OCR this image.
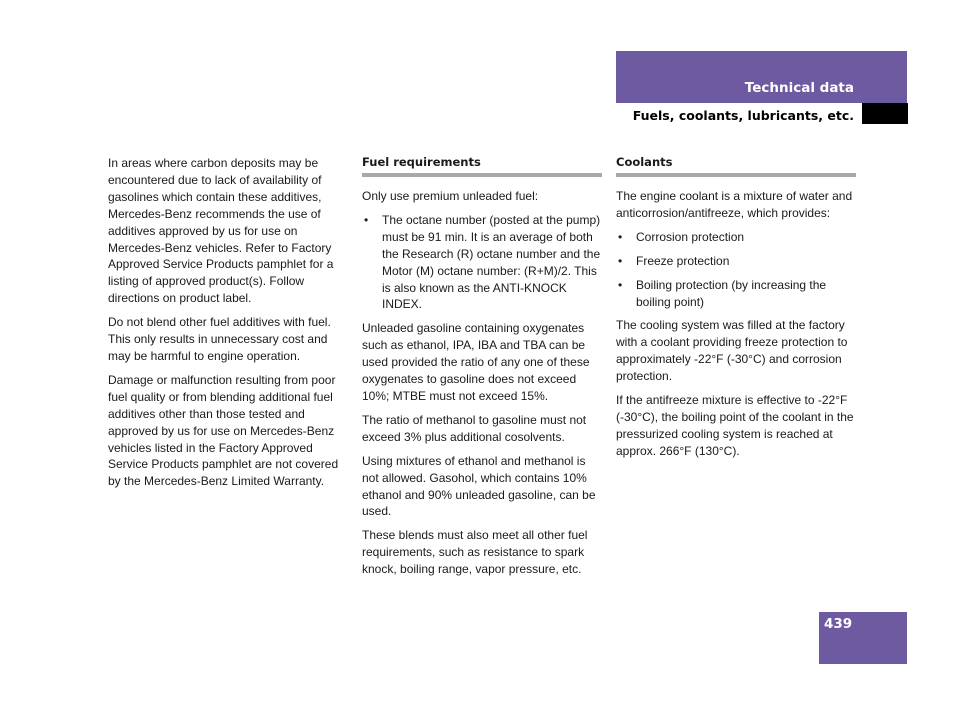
Technical data
Fuels, coolants, lubricants, etc.

In areas where carbon deposits may be encountered due to lack of availability of gasolines which contain these additives, Mercedes-Benz recommends the use of additives approved by us for use on Mercedes-Benz vehicles. Refer to Factory Approved Service Products pamphlet for a listing of approved product(s). Follow directions on product label.

Do not blend other fuel additives with fuel. This only results in unnecessary cost and may be harmful to engine operation.

Damage or malfunction resulting from poor fuel quality or from blending additional fuel additives other than those tested and approved by us for use on Mercedes-Benz vehicles listed in the Factory Approved Service Products pamphlet are not covered by the Mercedes-Benz Limited Warranty.

Fuel requirements

Only use premium unleaded fuel:

• The octane number (posted at the pump) must be 91 min. It is an average of both the Research (R) octane number and the Motor (M) octane number: (R+M)/2. This is also known as the ANTI-KNOCK INDEX.

Unleaded gasoline containing oxygenates such as ethanol, IPA, IBA and TBA can be used provided the ratio of any one of these oxygenates to gasoline does not exceed 10%; MTBE must not exceed 15%.

The ratio of methanol to gasoline must not exceed 3% plus additional cosolvents.

Using mixtures of ethanol and methanol is not allowed. Gasohol, which contains 10% ethanol and 90% unleaded gasoline, can be used.

These blends must also meet all other fuel requirements, such as resistance to spark knock, boiling range, vapor pressure, etc.

Coolants

The engine coolant is a mixture of water and anticorrosion/antifreeze, which provides:

• Corrosion protection
• Freeze protection
• Boiling protection (by increasing the boiling point)

The cooling system was filled at the factory with a coolant providing freeze protection to approximately -22°F (-30°C) and corrosion protection.

If the antifreeze mixture is effective to -22°F (-30°C), the boiling point of the coolant in the pressurized cooling system is reached at approx. 266°F (130°C).

439
